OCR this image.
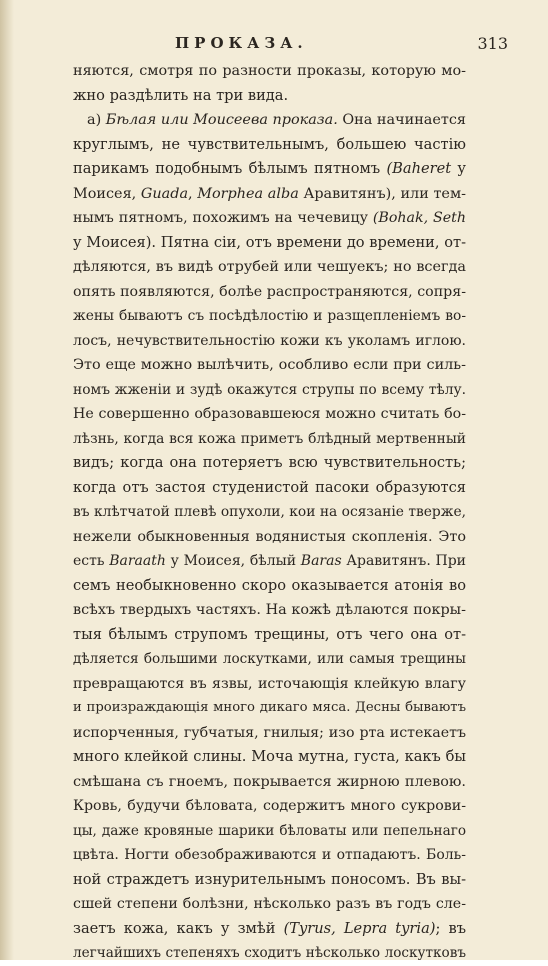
ПРОКАЗА.	313
няются, смотря по разности проказы, которую мо-
жно раздѣлить на три вида.
а) Бѣлая или Моисеева проказа. Она начинается
круглымъ, не чувствительнымъ, большею частію
парикамъ подобнымъ бѣлымъ пятномъ (Baheret у
Моисея, Guada, Morphea alba Аравитянъ), или тем-
нымъ пятномъ, похожимъ на чечевицу (Bohak, Seth
у Моисея). Пятна сіи, отъ времени до времени, от-
дѣляются, въ видѣ отрубей или чешуекъ; но всегда
опять появляются, болѣе распространяются, сопря-
жены бываютъ съ посѣдѣлостію и разщепленіемъ во-
лосъ, нечувствительностію кожи къ уколамъ иглою.
Это еще можно вылѣчить, особливо если при силь-
номъ жженіи и зудѣ окажутся струпы по всему тѣлу.
Не совершенно образовавшеюся можно считать бо-
лѣзнь, когда вся кожа приметъ блѣдный мертвенный
видъ; когда она потеряетъ всю чувствительность;
когда отъ застоя студенистой пасоки образуются
въ клѣтчатой плевѣ опухоли, кои на осязаніе тверже,
нежели обыкновенныя водянистыя скопленія. Это
есть Baraath у Моисея, бѣлый Baras Аравитянъ. При
семъ необыкновенно скоро оказывается атонія во
всѣхъ твердыхъ частяхъ. На кожѣ дѣлаются покры-
тыя бѣлымъ струпомъ трещины, отъ чего она от-
дѣляется большими лоскутками, или самыя трещины
превращаются въ язвы, источающія клейкую влагу
и произраждающія много дикаго мяса. Десны бываютъ
испорченныя, губчатыя, гнилыя; изо рта истекаетъ
много клейкой слины. Моча мутна, густа, какъ бы
смѣшана съ гноемъ, покрывается жирною плевою.
Кровь, будучи бѣловата, содержитъ много сукрови-
цы, даже кровяные шарики бѣловаты или пепельнаго
цвѣта. Ногти обезображиваются и отпадаютъ. Боль-
ной страждетъ изнурительнымъ поносомъ. Въ вы-
сшей степени болѣзни, нѣсколько разъ въ годъ сле-
заетъ кожа, какъ у змѣй (Tyrus, Lepra tyria); въ
легчайшихъ степеняхъ сходитъ нѣсколько лоскутковъ
